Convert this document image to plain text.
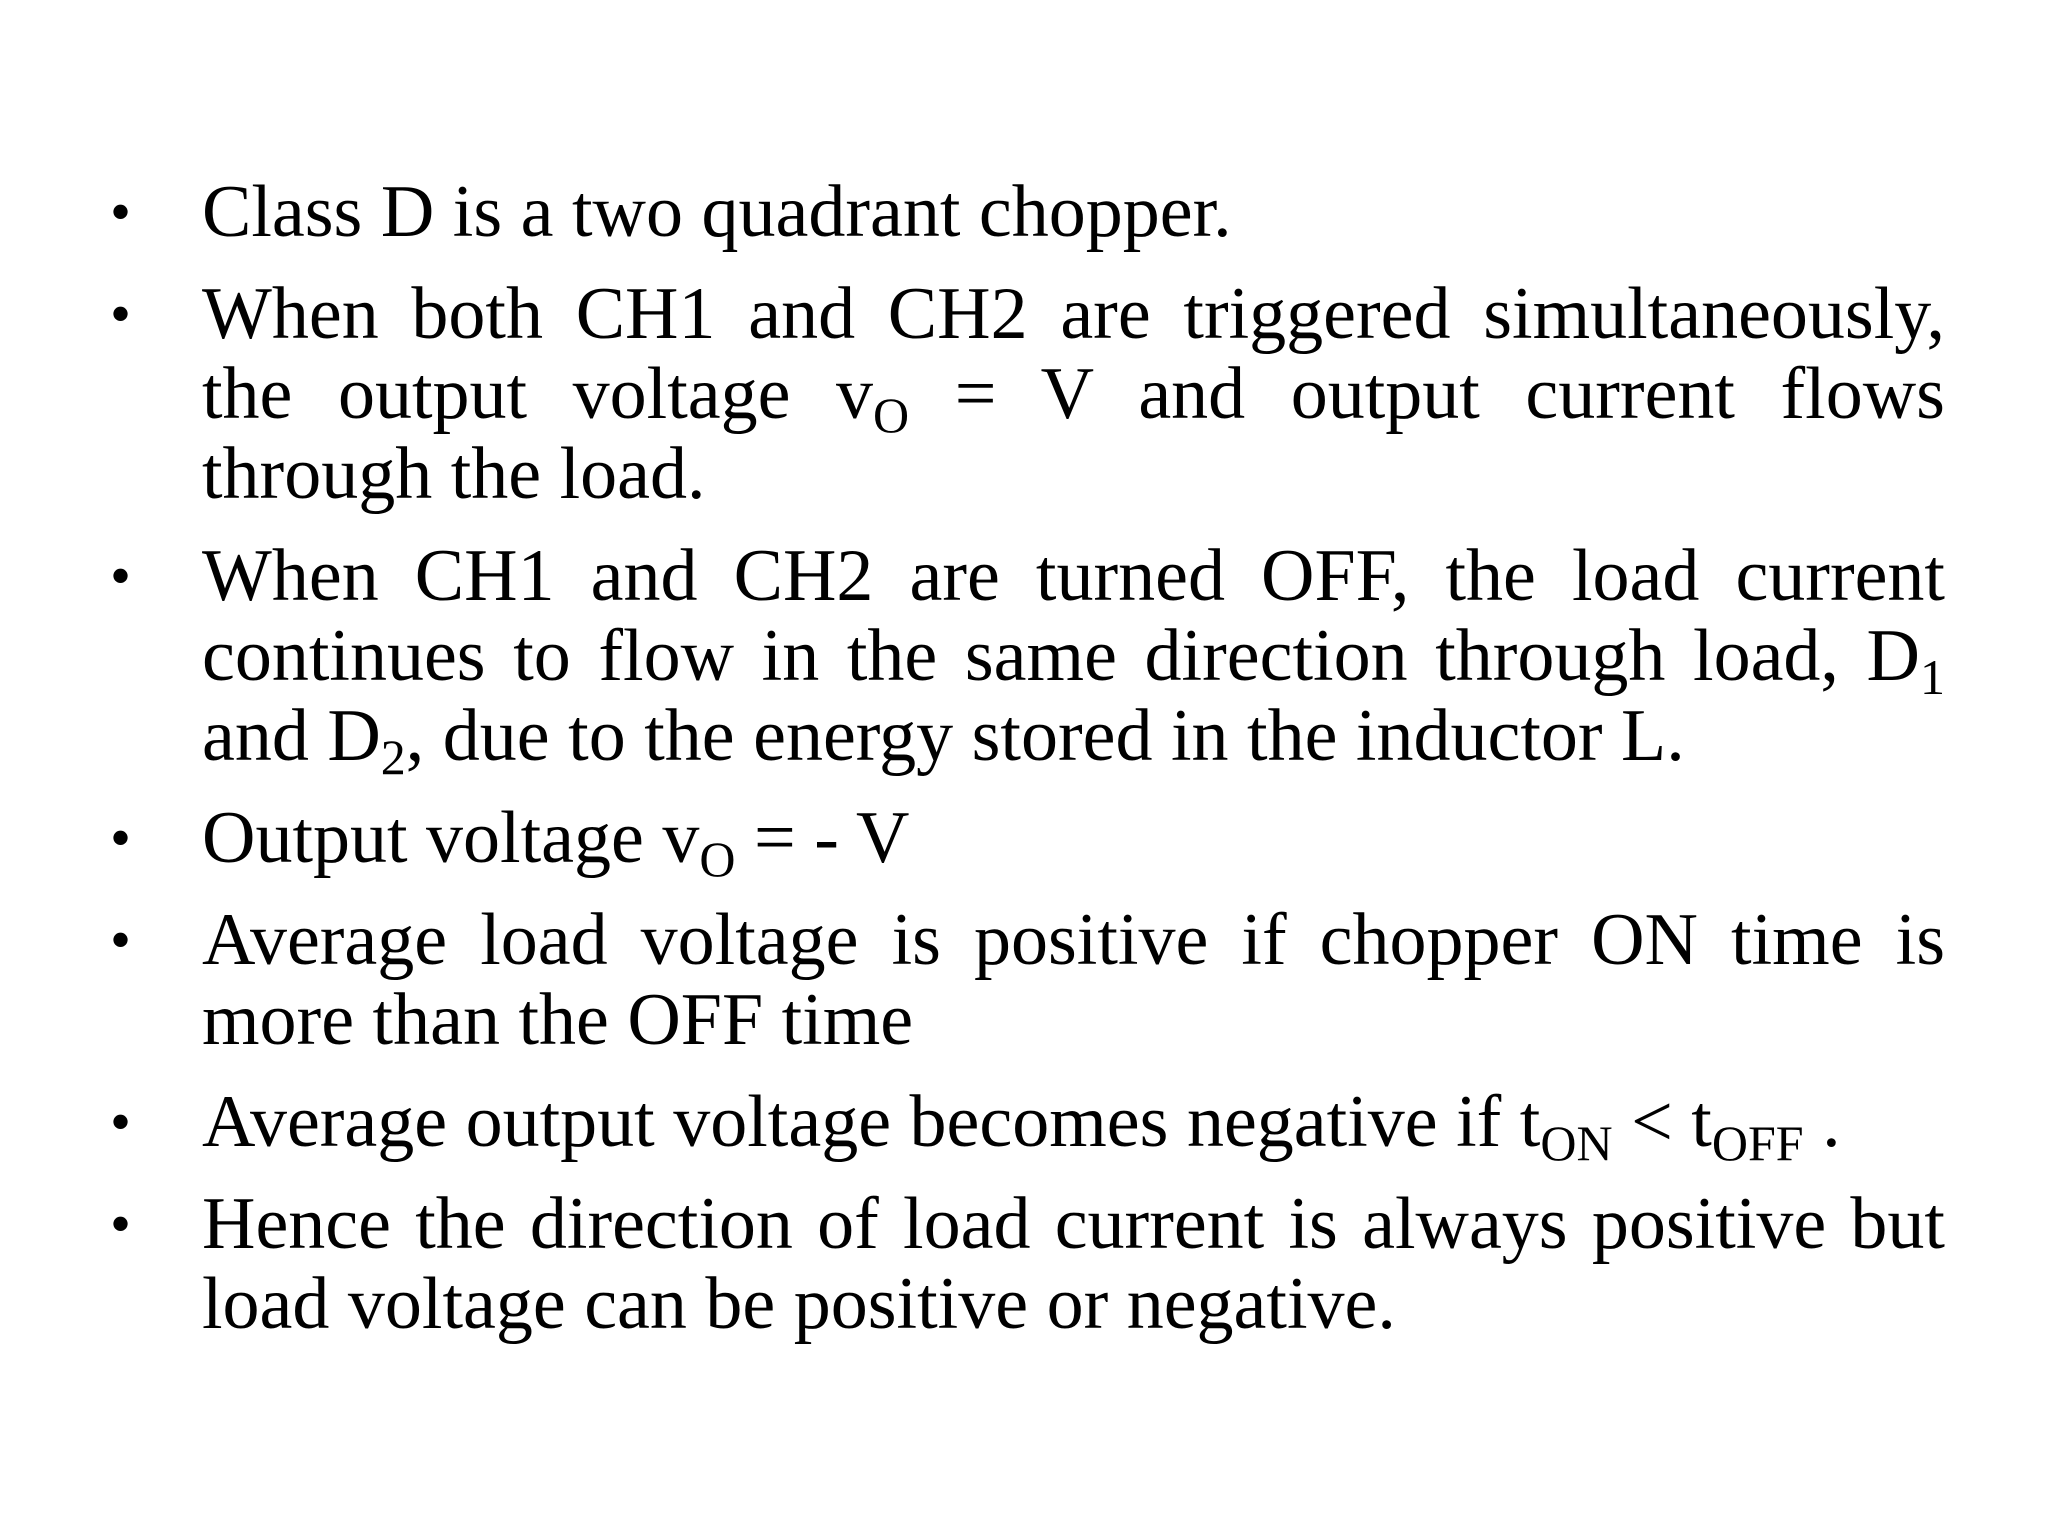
• Class D is a two quadrant chopper.
• When both CH1 and CH2 are triggered simultaneously, the output voltage $v_O = V$ and output current flows through the load.
• When CH1 and CH2 are turned OFF, the load current continues to flow in the same direction through load, $D_1$ and $D_2$, due to the energy stored in the inductor L.
• Output voltage $v_O$ = - V
• Average load voltage is positive if chopper ON time is more than the OFF time
• Average output voltage becomes negative if $t_{ON} < t_{OFF}$ .
• Hence the direction of load current is always positive but load voltage can be positive or negative.
